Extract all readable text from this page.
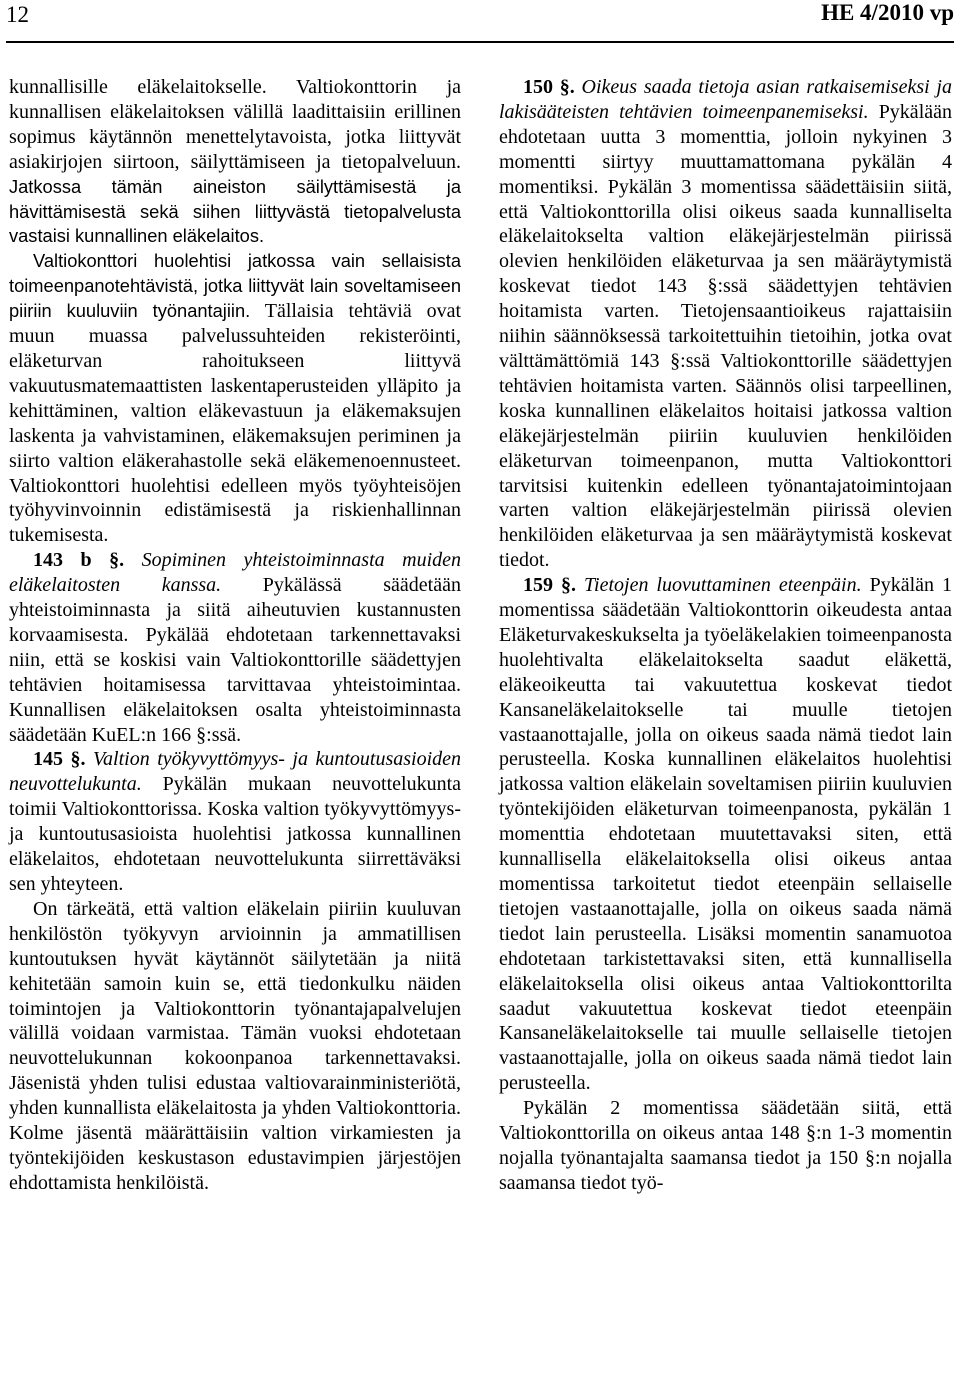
12	HE 4/2010 vp

kunnallisille eläkelaitokselle. Valtiokonttorin ja kunnallisen eläkelaitoksen välillä laadittaisiin erillinen sopimus käytännön menettelytavoista, jotka liittyvät asiakirjojen siirtoon, säilyttämiseen ja tietopalveluun. Jatkossa tämän aineiston säilyttämisestä ja hävittämisestä sekä siihen liittyvästä tietopalvelusta vastaisi kunnallinen eläkelaitos.

Valtiokonttori huolehtisi jatkossa vain sellaisista toimeenpanotehtävistä, jotka liittyvät lain soveltamiseen piiriin kuuluviin työnantajiin. Tällaisia tehtäviä ovat muun muassa palvelussuhteiden rekisteröinti, eläketurvan rahoitukseen liittyvä vakuutusmatemaattisten laskentaperusteiden ylläpito ja kehittäminen, valtion eläkevastuun ja eläkemaksujen laskenta ja vahvistaminen, eläkemaksujen periminen ja siirto valtion eläkerahastolle sekä eläkemenoennusteet. Valtiokonttori huolehtisi edelleen myös työyhteisöjen työhyvinvoinnin edistämisestä ja riskienhallinnan tukemisesta.

143 b §. Sopiminen yhteistoiminnasta muiden eläkelaitosten kanssa. Pykälässä säädetään yhteistoiminnasta ja siitä aiheutuvien kustannusten korvaamisesta. Pykälää ehdotetaan tarkennettavaksi niin, että se koskisi vain Valtiokonttorille säädettyjen tehtävien hoitamisessa tarvittavaa yhteistoimintaa. Kunnallisen eläkelaitoksen osalta yhteistoiminnasta säädetään KuEL:n 166 §:ssä.

145 §. Valtion työkyvyttömyys- ja kuntoutusasioiden neuvottelukunta. Pykälän mukaan neuvottelukunta toimii Valtiokonttorissa. Koska valtion työkyvyttömyys- ja kuntoutusasioista huolehtisi jatkossa kunnallinen eläkelaitos, ehdotetaan neuvottelukunta siirrettäväksi sen yhteyteen.

On tärkeätä, että valtion eläkelain piiriin kuuluvan henkilöstön työkyvyn arvioinnin ja ammatillisen kuntoutuksen hyvät käytännöt säilytetään ja niitä kehitetään samoin kuin se, että tiedonkulku näiden toimintojen ja Valtiokonttorin työnantajapalvelujen välillä voidaan varmistaa. Tämän vuoksi ehdotetaan neuvottelukunnan kokoonpanoa tarkennettavaksi. Jäsenistä yhden tulisi edustaa valtiovarainministeriötä, yhden kunnallista eläkelaitosta ja yhden Valtiokonttoria. Kolme jäsentä määrättäisiin valtion virkamiesten ja työntekijöiden keskustason edustavimpien järjestöjen ehdottamista henkilöistä.

150 §. Oikeus saada tietoja asian ratkaisemiseksi ja lakisääteisten tehtävien toimeenpanemiseksi. Pykälään ehdotetaan uutta 3 momenttia, jolloin nykyinen 3 momentti siirtyy muuttamattomana pykälän 4 momentiksi. Pykälän 3 momentissa säädettäisiin siitä, että Valtiokonttorilla olisi oikeus saada kunnalliselta eläkelaitokselta valtion eläkejärjestelmän piirissä olevien henkilöiden eläketurvaa ja sen määräytymistä koskevat tiedot 143 §:ssä säädettyjen tehtävien hoitamista varten. Tietojensaantioikeus rajattaisiin niihin säännöksessä tarkoitettuihin tietoihin, jotka ovat välttämättömiä 143 §:ssä Valtiokonttorille säädettyjen tehtävien hoitamista varten. Säännös olisi tarpeellinen, koska kunnallinen eläkelaitos hoitaisi jatkossa valtion eläkejärjestelmän piiriin kuuluvien henkilöiden eläketurvan toimeenpanon, mutta Valtiokonttori tarvitsisi kuitenkin edelleen työnantajatoimintojaan varten valtion eläkejärjestelmän piirissä olevien henkilöiden eläketurvaa ja sen määräytymistä koskevat tiedot.

159 §. Tietojen luovuttaminen eteenpäin. Pykälän 1 momentissa säädetään Valtiokonttorin oikeudesta antaa Eläketurvakeskukselta ja työeläkelakien toimeenpanosta huolehtivalta eläkelaitokselta saadut eläkettä, eläkeoikeutta tai vakuutettua koskevat tiedot Kansaneläkelaitokselle tai muulle tietojen vastaanottajalle, jolla on oikeus saada nämä tiedot lain perusteella. Koska kunnallinen eläkelaitos huolehtisi jatkossa valtion eläkelain soveltamisen piiriin kuuluvien työntekijöiden eläketurvan toimeenpanosta, pykälän 1 momenttia ehdotetaan muutettavaksi siten, että kunnallisella eläkelaitoksella olisi oikeus antaa momentissa tarkoitetut tiedot eteenpäin sellaiselle tietojen vastaanottajalle, jolla on oikeus saada nämä tiedot lain perusteella. Lisäksi momentin sanamuotoa ehdotetaan tarkistettavaksi siten, että kunnallisella eläkelaitoksella olisi oikeus antaa Valtiokonttorilta saadut vakuutettua koskevat tiedot eteenpäin Kansaneläkelaitokselle tai muulle sellaiselle tietojen vastaanottajalle, jolla on oikeus saada nämä tiedot lain perusteella.

Pykälän 2 momentissa säädetään siitä, että Valtiokonttorilla on oikeus antaa 148 §:n 1-3 momentin nojalla työnantajalta saamansa tiedot ja 150 §:n nojalla saamansa tiedot työ-
